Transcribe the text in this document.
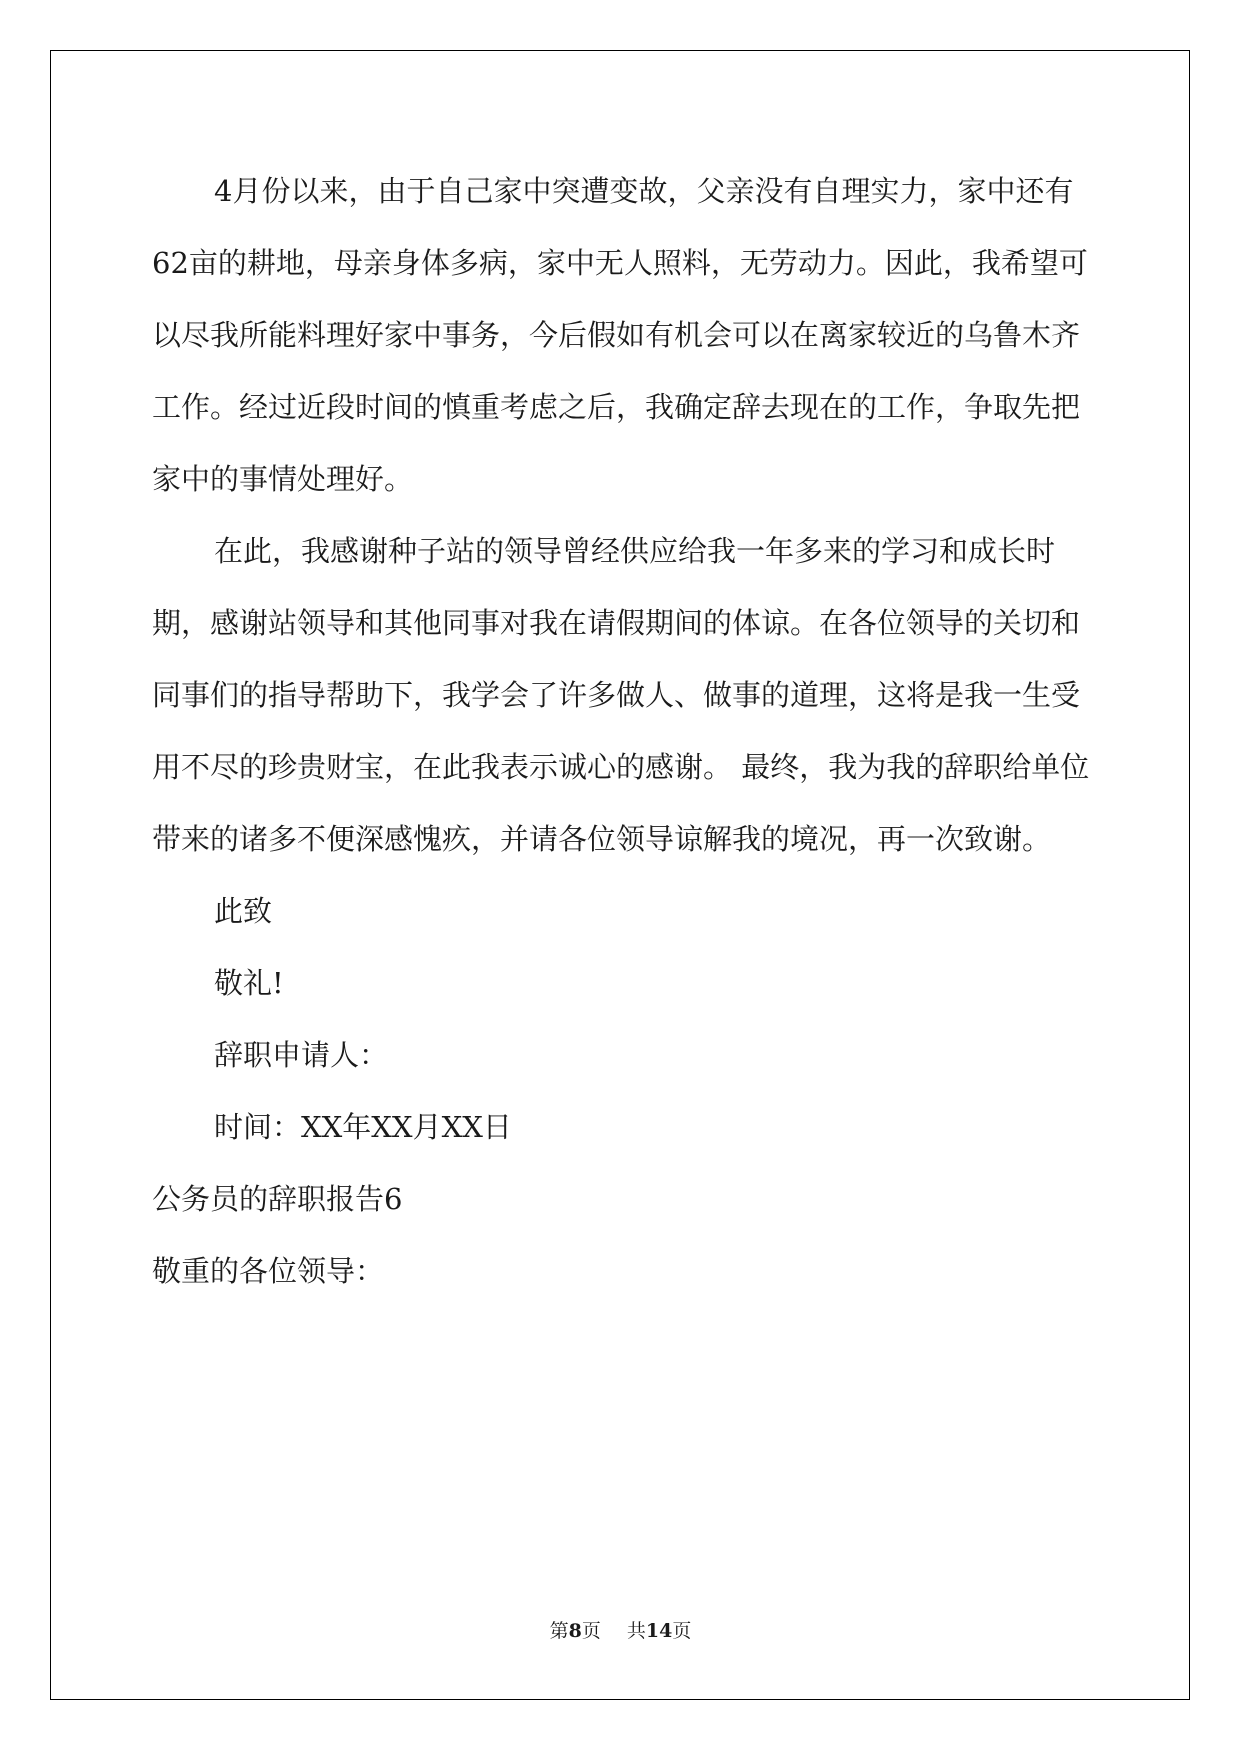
4月份以来，由于自己家中突遭变故，父亲没有自理实力，家中还有62亩的耕地，母亲身体多病，家中无人照料，无劳动力。因此，我希望可以尽我所能料理好家中事务，今后假如有机会可以在离家较近的乌鲁木齐工作。经过近段时间的慎重考虑之后，我确定辞去现在的工作，争取先把家中的事情处理好。

在此，我感谢种子站的领导曾经供应给我一年多来的学习和成长时期，感谢站领导和其他同事对我在请假期间的体谅。在各位领导的关切和同事们的指导帮助下，我学会了许多做人、做事的道理，这将是我一生受用不尽的珍贵财宝，在此我表示诚心的感谢。 最终，我为我的辞职给单位带来的诸多不便深感愧疚，并请各位领导谅解我的境况，再一次致谢。

此致

敬礼!

辞职申请人：

时间：XX年XX月XX日

公务员的辞职报告6

敬重的各位领导：

第8页 共14页
